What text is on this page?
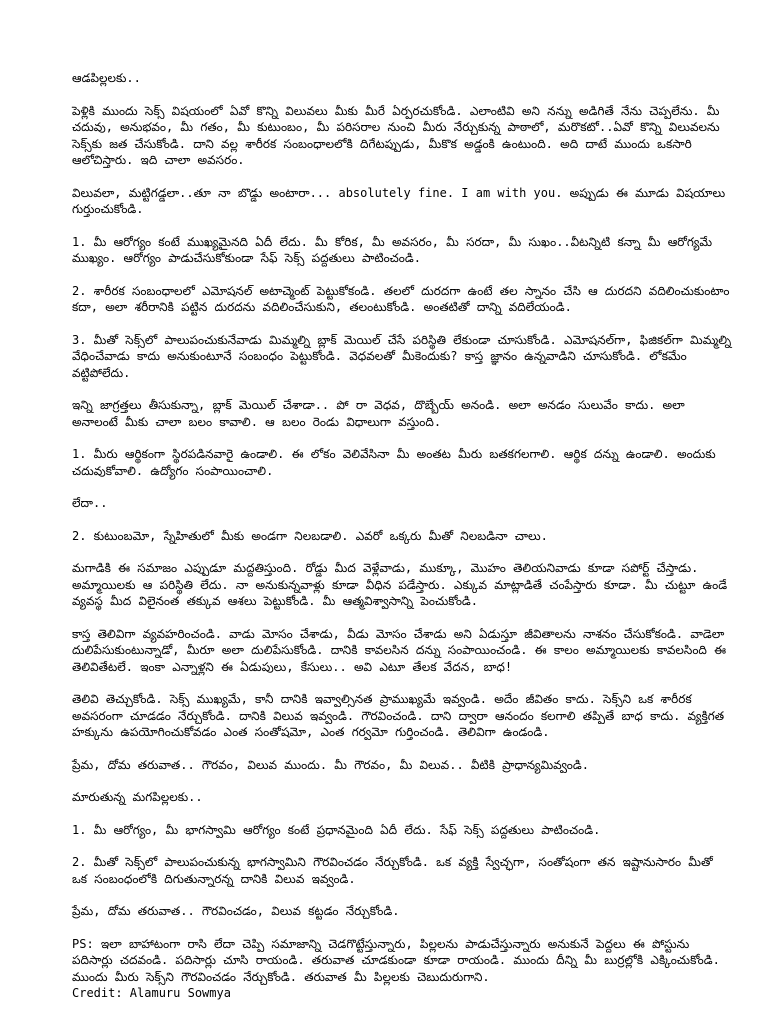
ఆడపిల్లలకు..

పెళ్లికి ముందు సెక్స్ విషయంలో ఏవో కొన్ని విలువలు మీకు మీరే ఏర్పరచుకోండి. ఎలాంటివి అని నన్ను అడిగితే నేను చెప్పలేను. మీ చదువు, అనుభవం, మీ గతం, మీ కుటుంబం, మీ పరిసరాల నుంచి మీరు నేర్చుకున్న పాఠాలో, మరొకటో..ఏవో కొన్ని విలువలను సెక్స్‌కు జత చేసుకోండి. దాని వల్ల శారీరక సంబంధాలలోకి దిగేటప్పుడు, మీకొక అడ్డంకి ఉంటుంది. అది దాటే ముందు ఒకసారి ఆలోచిస్తారు. ఇది చాలా అవసరం.

విలువలా, మట్టిగడ్డలా..తూ నా బొడ్డు అంటారా... absolutely fine. I am with you. అప్పుడు ఈ మూడు విషయాలు గుర్తుంచుకోండి.

1. మీ ఆరోగ్యం కంటే ముఖ్యమైనది ఏదీ లేదు. మీ కోరిక, మీ అవసరం, మీ సరదా, మీ సుఖం..వీటన్నిటి కన్నా మీ ఆరోగ్యమే ముఖ్యం. ఆరోగ్యం పాడుచేసుకోకుండా సేఫ్ సెక్స్ పద్దతులు పాటించండి.

2. శారీరక సంబంధాలలో ఎమోషనల్ అటాచ్మెంట్ పెట్టుకోకండి. తలలో దురదగా ఉంటే తల స్నానం చేసి ఆ దురదని వదిలించుకుంటాం కదా, అలా శరీరానికి పట్టిన దురదను వదిలించేసుకుని, తలంటుకోండి. అంతటితో దాన్ని వదిలేయండి.

3. మీతో సెక్స్‌లో పాలుపంచుకునేవాడు మిమ్మల్ని బ్లాక్ మెయిల్ చేసే పరిస్థితి లేకుండా చూసుకోండి. ఎమోషనల్‌గా, ఫిజికల్‌గా మిమ్మల్ని వేధించేవాడు కాదు అనుకుంటూనే సంబంధం పెట్టుకోండి. వెధవలతో మీకెందుకు? కాస్త జ్ఞానం ఉన్నవాడిని చూసుకోండి. లోకమేం వట్టిపోలేదు.

ఇన్ని జాగ్రత్తలు తీసుకున్నా, బ్లాక్ మెయిల్ చేశాడా.. పో రా వెధవ, దొబ్బేయ్ అనండి. అలా అనడం సులువేం కాదు. అలా అనాలంటే మీకు చాలా బలం కావాలి. ఆ బలం రెండు విధాలుగా వస్తుంది.

1. మీరు ఆర్థికంగా స్థిరపడినవారై ఉండాలి. ఈ లోకం వెలివేసినా మీ అంతట మీరు బతకగలగాలి. ఆర్థిక దన్ను ఉండాలి. అందుకు చదువుకోవాలి. ఉద్యోగం సంపాయించాలి.

లేదా..

2. కుటుంబమో, స్నేహితులో మీకు అండగా నిలబడాలి. ఎవరో ఒక్కరు మీతో నిలబడినా చాలు.

మగాడికి ఈ సమాజం ఎప్పుడూ మద్దతిస్తుంది. రోడ్డు మీద వెళ్లేవాడు, ముక్కూ, మొహం తెలియనివాడు కూడా సపోర్ట్ చేస్తాడు. అమ్మాయిలకు ఆ పరిస్థితి లేదు. నా అనుకున్నవాళ్లు కూడా వీధిన పడేస్తారు. ఎక్కువ మాట్లాడితే చంపేస్తారు కూడా. మీ చుట్టూ ఉండే వ్యవస్థ మీద విలైనంత తక్కువ ఆశలు పెట్టుకోండి. మీ ఆత్మవిశ్వాసాన్ని పెంచుకోండి.

కాస్త తెలివిగా వ్యవహరించండి. వాడు మోసం చేశాడు, వీడు మోసం చేశాడు అని ఏడుస్తూ జీవితాలను నాశనం చేసుకోకండి. వాడెలా దులిపేసుకుంటున్నాడో, మీరూ అలా దులిపేసుకోండి. దానికి కావలసిన దన్ను సంపాయించండి. ఈ కాలం అమ్మాయిలకు కావలసింది ఈ తెలివితేటలే. ఇంకా ఎన్నాళ్లని ఈ ఏడుపులు, కేసులు.. అవి ఎటూ తేలక వేదన, బాధ!

తెలివి తెచ్చుకోండి. సెక్స్ ముఖ్యమే, కానీ దానికి ఇవ్వాల్సినత ప్రాముఖ్యమే ఇవ్వండి. అదేం జీవితం కాదు. సెక్స్‌ని ఒక శారీరక అవసరంగా చూడడం నేర్చుకోండి. దానికి విలువ ఇవ్వండి. గౌరవించండి. దాని ద్వారా ఆనందం కలగాలి తప్పితే బాధ కాదు. వ్యక్తిగత హక్కును ఉపయోగించుకోవడం ఎంత సంతోషమో, ఎంత గర్వమో గుర్తించండి. తెలివిగా ఉండండి.

ప్రేమ, దోమ తరువాత.. గౌరవం, విలువ ముందు. మీ గౌరవం, మీ విలువ.. వీటికి ప్రాధాన్యమివ్వండి.

మారుతున్న మగపిల్లలకు..

1. మీ ఆరోగ్యం, మీ భాగస్వామి ఆరోగ్యం కంటే ప్రధానమైంది ఏదీ లేదు. సేఫ్ సెక్స్ పద్దతులు పాటించండి.

2. మీతో సెక్స్‌లో పాలుపంచుకున్న భాగస్వామిని గౌరవించడం నేర్చుకోండి. ఒక వ్యక్తి స్వేచ్ఛగా, సంతోషంగా తన ఇష్టానుసారం మీతో ఒక సంబంధంలోకి దిగుతున్నారన్న దానికి విలువ ఇవ్వండి.

ప్రేమ, దోమ తరువాత.. గౌరవించడం, విలువ కట్టడం నేర్చుకోండి.

PS: ఇలా బాహాటంగా రాసి లేదా చెప్పి సమాజాన్ని చెడగొట్టేస్తున్నారు, పిల్లలను పాడుచేస్తున్నారు అనుకునే పెద్దలు ఈ పోస్టును పదిసార్లు చదవండి. పదిసార్లు చూసి రాయండి. తరువాత చూడకుండా కూడా రాయండి. ముందు దీన్ని మీ బుర్రల్లోకి ఎక్కించుకోండి. ముందు మీరు సెక్స్‌ని గౌరవించడం నేర్చుకోండి. తరువాత మీ పిల్లలకు చెబుదురుగాని.

Credit: Alamuru Sowmya
